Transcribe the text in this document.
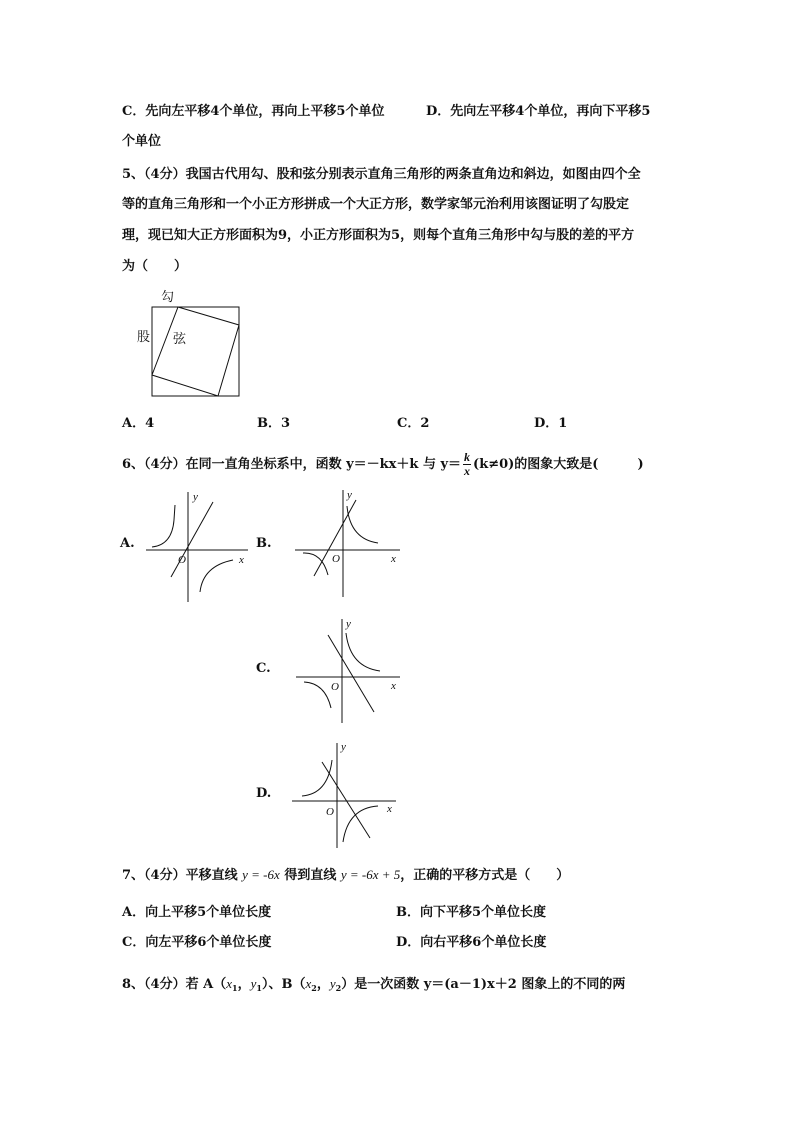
C．先向左平移4个单位，再向上平移5个单位	D．先向左平移4个单位，再向下平移5
个单位
5、（4分）我国古代用勾、股和弦分别表示直角三角形的两条直角边和斜边，如图由四个全
等的直角三角形和一个小正方形拼成一个大正方形，数学家邹元治利用该图证明了勾股定
理，现已知大正方形面积为9，小正方形面积为5，则每个直角三角形中勾与股的差的平方
为（　　）
勾
股 弦
A．4	B．3	C．2	D．1
6、（4分）在同一直角坐标系中，函数 y＝－kx＋k 与 $y= \frac{k}{x} (k\ne 0)$的图象大致是(　　　)
A.	B.
C.
D.
y
x
O
y
x
O
y
x
O
y
x
O
7、（4分）平移直线 y = -6x 得到直线 y = -6x + 5，正确的平移方式是（　　）
A．向上平移5个单位长度	B．向下平移5个单位长度
C．向左平移6个单位长度	D．向右平移6个单位长度
8、（4分）若 $A(x_1$，$y_1$）、$B(x_2$，$y_2$）是一次函数 y＝(a－1)x＋2 图象上的不同的两
